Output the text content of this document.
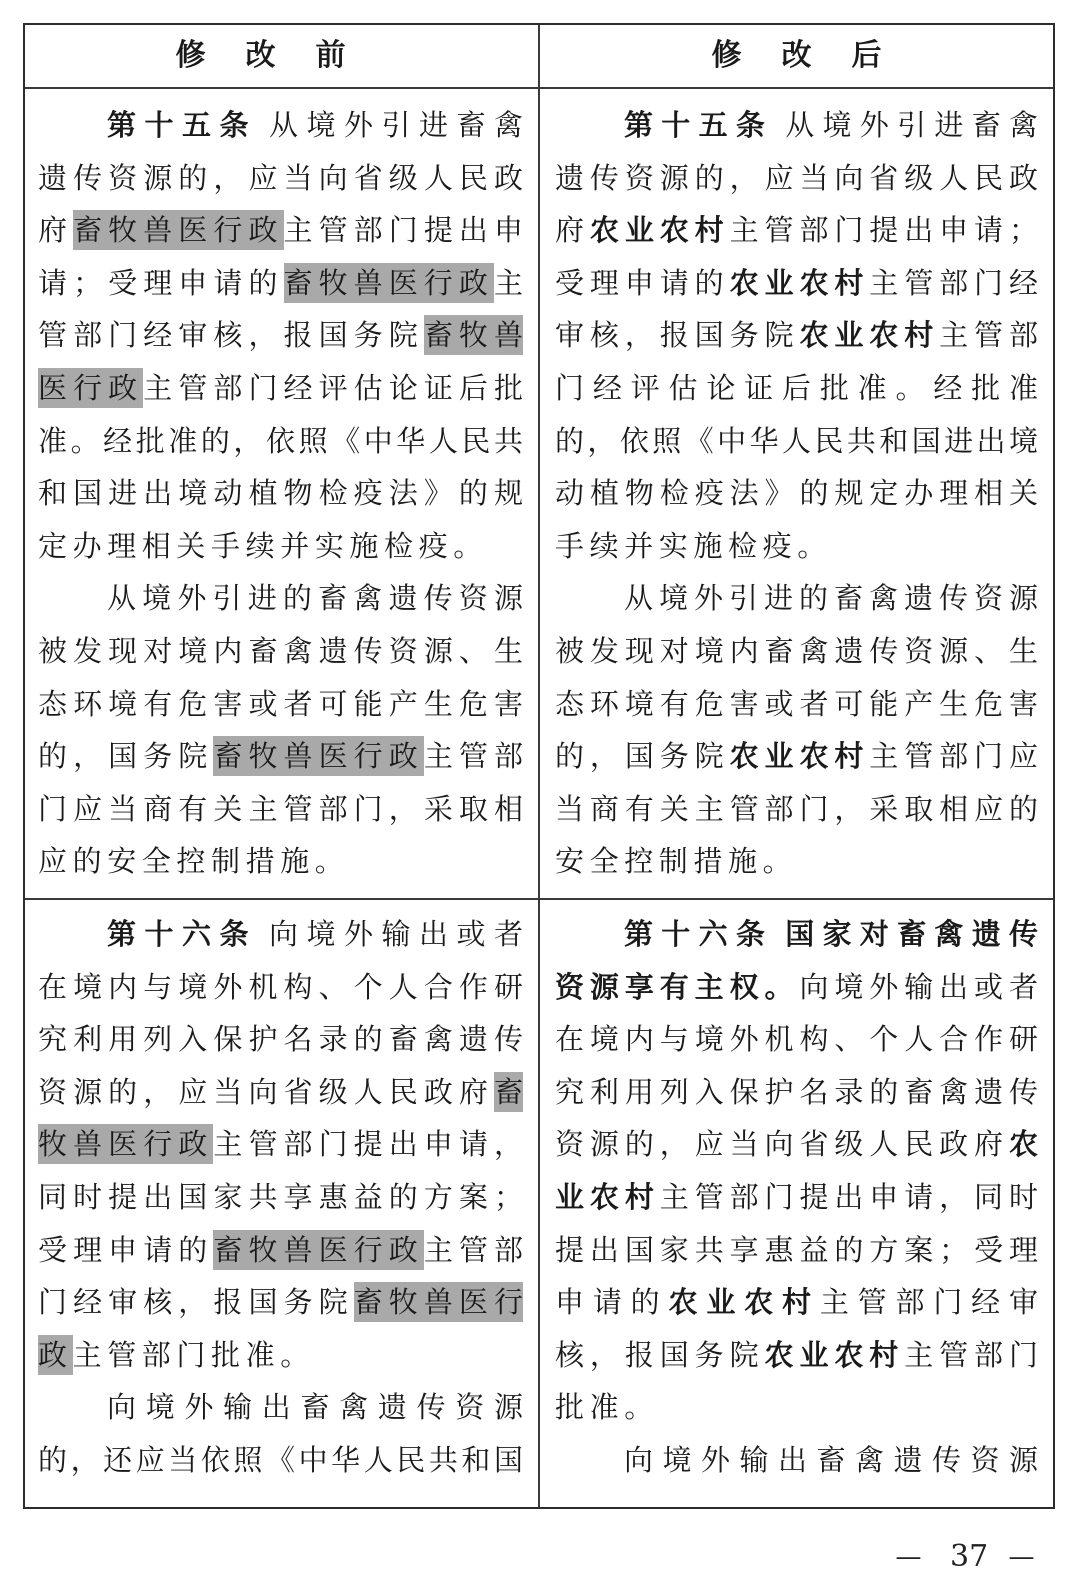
修改前	修改后
第十五条 从境外引进畜禽
遗传资源的，应当向省级人民政
府畜牧兽医行政主管部门提出申
请；受理申请的畜牧兽医行政主
管部门经审核，报国务院畜牧兽
医行政主管部门经评估论证后批
准。经批准的，依照《中华人民共
和国进出境动植物检疫法》的规
定办理相关手续并实施检疫。
从境外引进的畜禽遗传资源
被发现对境内畜禽遗传资源、生
态环境有危害或者可能产生危害
的，国务院畜牧兽医行政主管部
门应当商有关主管部门，采取相
应的安全控制措施。
第十五条 从境外引进畜禽
遗传资源的，应当向省级人民政
府农业农村主管部门提出申请；
受理申请的农业农村主管部门经
审核，报国务院农业农村主管部
门经评估论证后批准。经批准
的，依照《中华人民共和国进出境
动植物检疫法》的规定办理相关
手续并实施检疫。
从境外引进的畜禽遗传资源
被发现对境内畜禽遗传资源、生
态环境有危害或者可能产生危害
的，国务院农业农村主管部门应
当商有关主管部门，采取相应的
安全控制措施。
第十六条 向境外输出或者
在境内与境外机构、个人合作研
究利用列入保护名录的畜禽遗传
资源的，应当向省级人民政府畜
牧兽医行政主管部门提出申请，
同时提出国家共享惠益的方案；
受理申请的畜牧兽医行政主管部
门经审核，报国务院畜牧兽医行
政主管部门批准。
向境外输出畜禽遗传资源
的，还应当依照《中华人民共和国
第十六条 国家对畜禽遗传
资源享有主权。向境外输出或者
在境内与境外机构、个人合作研
究利用列入保护名录的畜禽遗传
资源的，应当向省级人民政府农
业农村主管部门提出申请，同时
提出国家共享惠益的方案；受理
申请的农业农村主管部门经审
核，报国务院农业农村主管部门
批准。
向境外输出畜禽遗传资源
— 37 —
